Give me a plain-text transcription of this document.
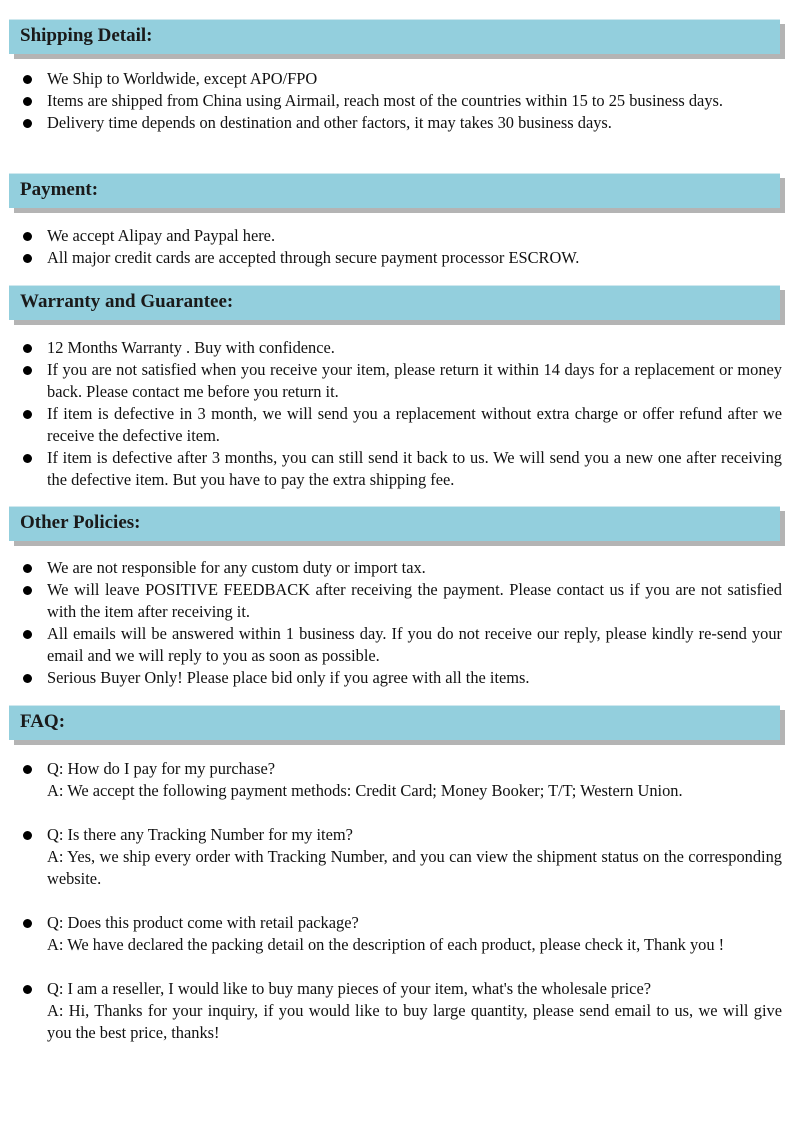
Shipping Detail:
We Ship to Worldwide, except APO/FPO
Items are shipped from China using Airmail, reach most of the countries within 15 to 25 business days.
Delivery time depends on destination and other factors, it may takes 30 business days.
Payment:
We accept Alipay and Paypal here.
All major credit cards are accepted through secure payment processor ESCROW.
Warranty and Guarantee:
12 Months Warranty . Buy with confidence.
If you are not satisfied when you receive your item, please return it within 14 days for a replacement or money back. Please contact me before you return it.
If item is defective in 3 month, we will send you a replacement without extra charge or offer refund after we receive the defective item.
If item is defective after 3 months, you can still send it back to us. We will send you a new one after receiving the defective item. But you have to pay the extra shipping fee.
Other Policies:
We are not responsible for any custom duty or import tax.
We will leave POSITIVE FEEDBACK after receiving the payment. Please contact us if you are not satisfied with the item after receiving it.
All emails will be answered within 1 business day. If you do not receive our reply, please kindly re-send your email and we will reply to you as soon as possible.
Serious Buyer Only! Please place bid only if you agree with all the items.
FAQ:
Q: How do I pay for my purchase?
A: We accept the following payment methods: Credit Card; Money Booker; T/T; Western Union.
Q: Is there any Tracking Number for my item?
A: Yes, we ship every order with Tracking Number, and you can view the shipment status on the corresponding website.
Q: Does this product come with retail package?
A: We have declared the packing detail on the description of each product, please check it, Thank you !
Q: I am a reseller, I would like to buy many pieces of your item, what's the wholesale price?
A: Hi, Thanks for your inquiry, if you would like to buy large quantity, please send email to us, we will give you the best price, thanks!
